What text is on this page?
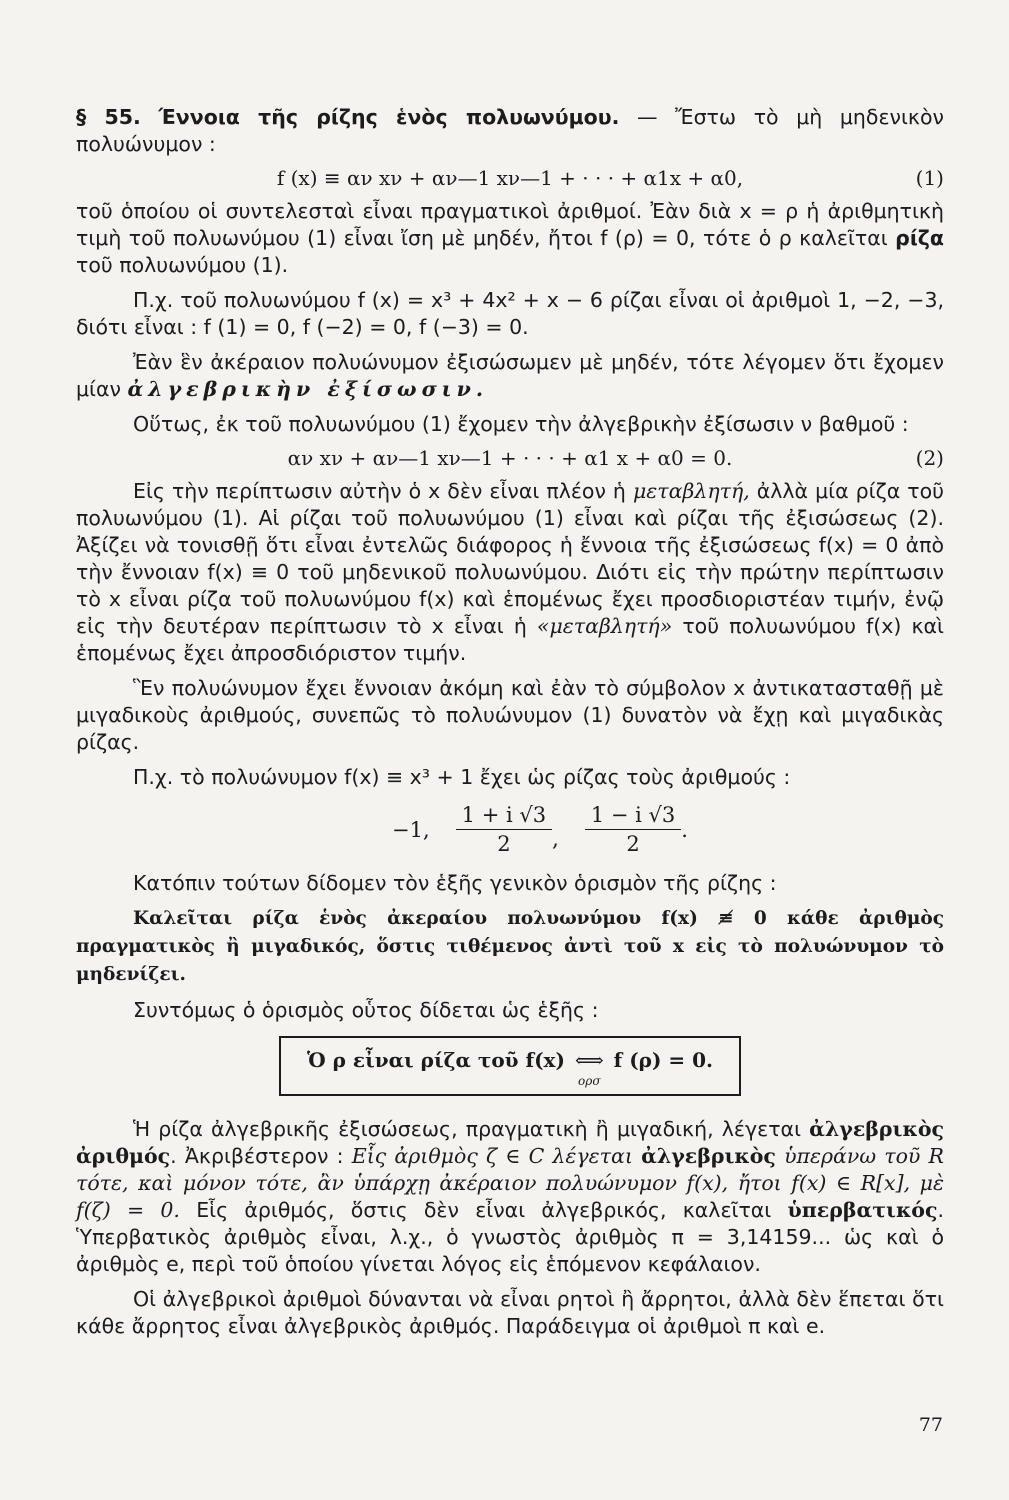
§ 55. Έννοια τῆς ρίζης ἑνὸς πολυωνύμου. — Ἔστω τὸ μὴ μηδενικὸν πολυώνυμον :

f (x) ≡ αν xν + αν—1 xν—1 + · · · + α1x + α0,	(1)

τοῦ ὁποίου οἱ συντελεσταὶ εἶναι πραγματικοὶ ἀριθμοί. Ἐὰν διὰ x = ρ ἡ ἀριθμητικὴ τιμὴ τοῦ πολυωνύμου (1) εἶναι ἴση μὲ μηδέν, ἤτοι f (ρ) = 0, τότε ὁ ρ καλεῖται ρίζα τοῦ πολυωνύμου (1).

Π.χ. τοῦ πολυωνύμου f (x) = x³ + 4x² + x − 6 ρίζαι εἶναι οἱ ἀριθμοὶ 1, −2, −3, διότι εἶναι : f (1) = 0, f (−2) = 0, f (−3) = 0.

Ἐὰν ἓν ἀκέραιον πολυώνυμον ἐξισώσωμεν μὲ μηδέν, τότε λέγομεν ὅτι ἔχομεν μίαν ἀλγεβρικὴν ἐξίσωσιν.

Οὕτως, ἐκ τοῦ πολυωνύμου (1) ἔχομεν τὴν ἀλγεβρικὴν ἐξίσωσιν ν βαθμοῦ :

αν xν + αν—1 xν—1 + · · · + α1 x + α0 = 0.	(2)

Εἰς τὴν περίπτωσιν αὐτὴν ὁ x δὲν εἶναι πλέον ἡ μεταβλητή, ἀλλὰ μία ρίζα τοῦ πολυωνύμου (1). Αἱ ρίζαι τοῦ πολυωνύμου (1) εἶναι καὶ ρίζαι τῆς ἐξισώσεως (2). Ἀξίζει νὰ τονισθῇ ὅτι εἶναι ἐντελῶς διάφορος ἡ ἔννοια τῆς ἐξισώσεως f(x) = 0 ἀπὸ τὴν ἔννοιαν f(x) ≡ 0 τοῦ μηδενικοῦ πολυωνύμου. Διότι εἰς τὴν πρώτην περίπτωσιν τὸ x εἶναι ρίζα τοῦ πολυωνύμου f(x) καὶ ἑπομένως ἔχει προσδιοριστέαν τιμήν, ἐνῷ εἰς τὴν δευτέραν περίπτωσιν τὸ x εἶναι ἡ «μεταβλητή» τοῦ πολυωνύμου f(x) καὶ ἑπομένως ἔχει ἀπροσδιόριστον τιμήν.

Ἓν πολυώνυμον ἔχει ἔννοιαν ἀκόμη καὶ ἐὰν τὸ σύμβολον x ἀντικατασταθῇ μὲ μιγαδικοὺς ἀριθμούς, συνεπῶς τὸ πολυώνυμον (1) δυνατὸν νὰ ἔχῃ καὶ μιγαδικὰς ρίζας.

Π.χ. τὸ πολυώνυμον f(x) ≡ x³ + 1 ἔχει ὡς ρίζας τοὺς ἀριθμούς :

−1, $\frac{1 + i √3}{2}$ , $\frac{1 - i √3}{2}$ .

Κατόπιν τούτων δίδομεν τὸν ἑξῆς γενικὸν ὁρισμὸν τῆς ρίζης :

Καλεῖται ρίζα ἑνὸς ἀκεραίου πολυωνύμου f(x) ≢ 0 κάθε ἀριθμὸς πραγματικὸς ἢ μιγαδικός, ὅστις τιθέμενος ἀντὶ τοῦ x εἰς τὸ πολυώνυμον τὸ μηδενίζει.

Συντόμως ὁ ὁρισμὸς οὗτος δίδεται ὡς ἑξῆς :

Ὁ ρ εἶναι ρίζα τοῦ f(x) ⟺
ορσ
f (ρ) = 0.

Ἡ ρίζα ἀλγεβρικῆς ἐξισώσεως, πραγματικὴ ἢ μιγαδική, λέγεται ἀλγεβρικὸς ἀριθμός. Ἀκριβέστερον : Εἷς ἀριθμὸς ζ ∈ C λέγεται ἀλγεβρικὸς ὑπεράνω τοῦ R τότε, καὶ μόνον τότε, ἂν ὑπάρχῃ ἀκέραιον πολυώνυμον f(x), ἤτοι f(x) ∈ R[x], μὲ f(ζ) = 0. Εἷς ἀριθμός, ὅστις δὲν εἶναι ἀλγεβρικός, καλεῖται ὑπερβατικός. Ὑπερβατικὸς ἀριθμὸς εἶναι, λ.χ., ὁ γνωστὸς ἀριθμὸς π = 3,14159... ὡς καὶ ὁ ἀριθμὸς e, περὶ τοῦ ὁποίου γίνεται λόγος εἰς ἑπόμενον κεφάλαιον.

Οἱ ἀλγεβρικοὶ ἀριθμοὶ δύνανται νὰ εἶναι ρητοὶ ἢ ἄρρητοι, ἀλλὰ δὲν ἕπεται ὅτι κάθε ἄρρητος εἶναι ἀλγεβρικὸς ἀριθμός. Παράδειγμα οἱ ἀριθμοὶ π καὶ e.

77
